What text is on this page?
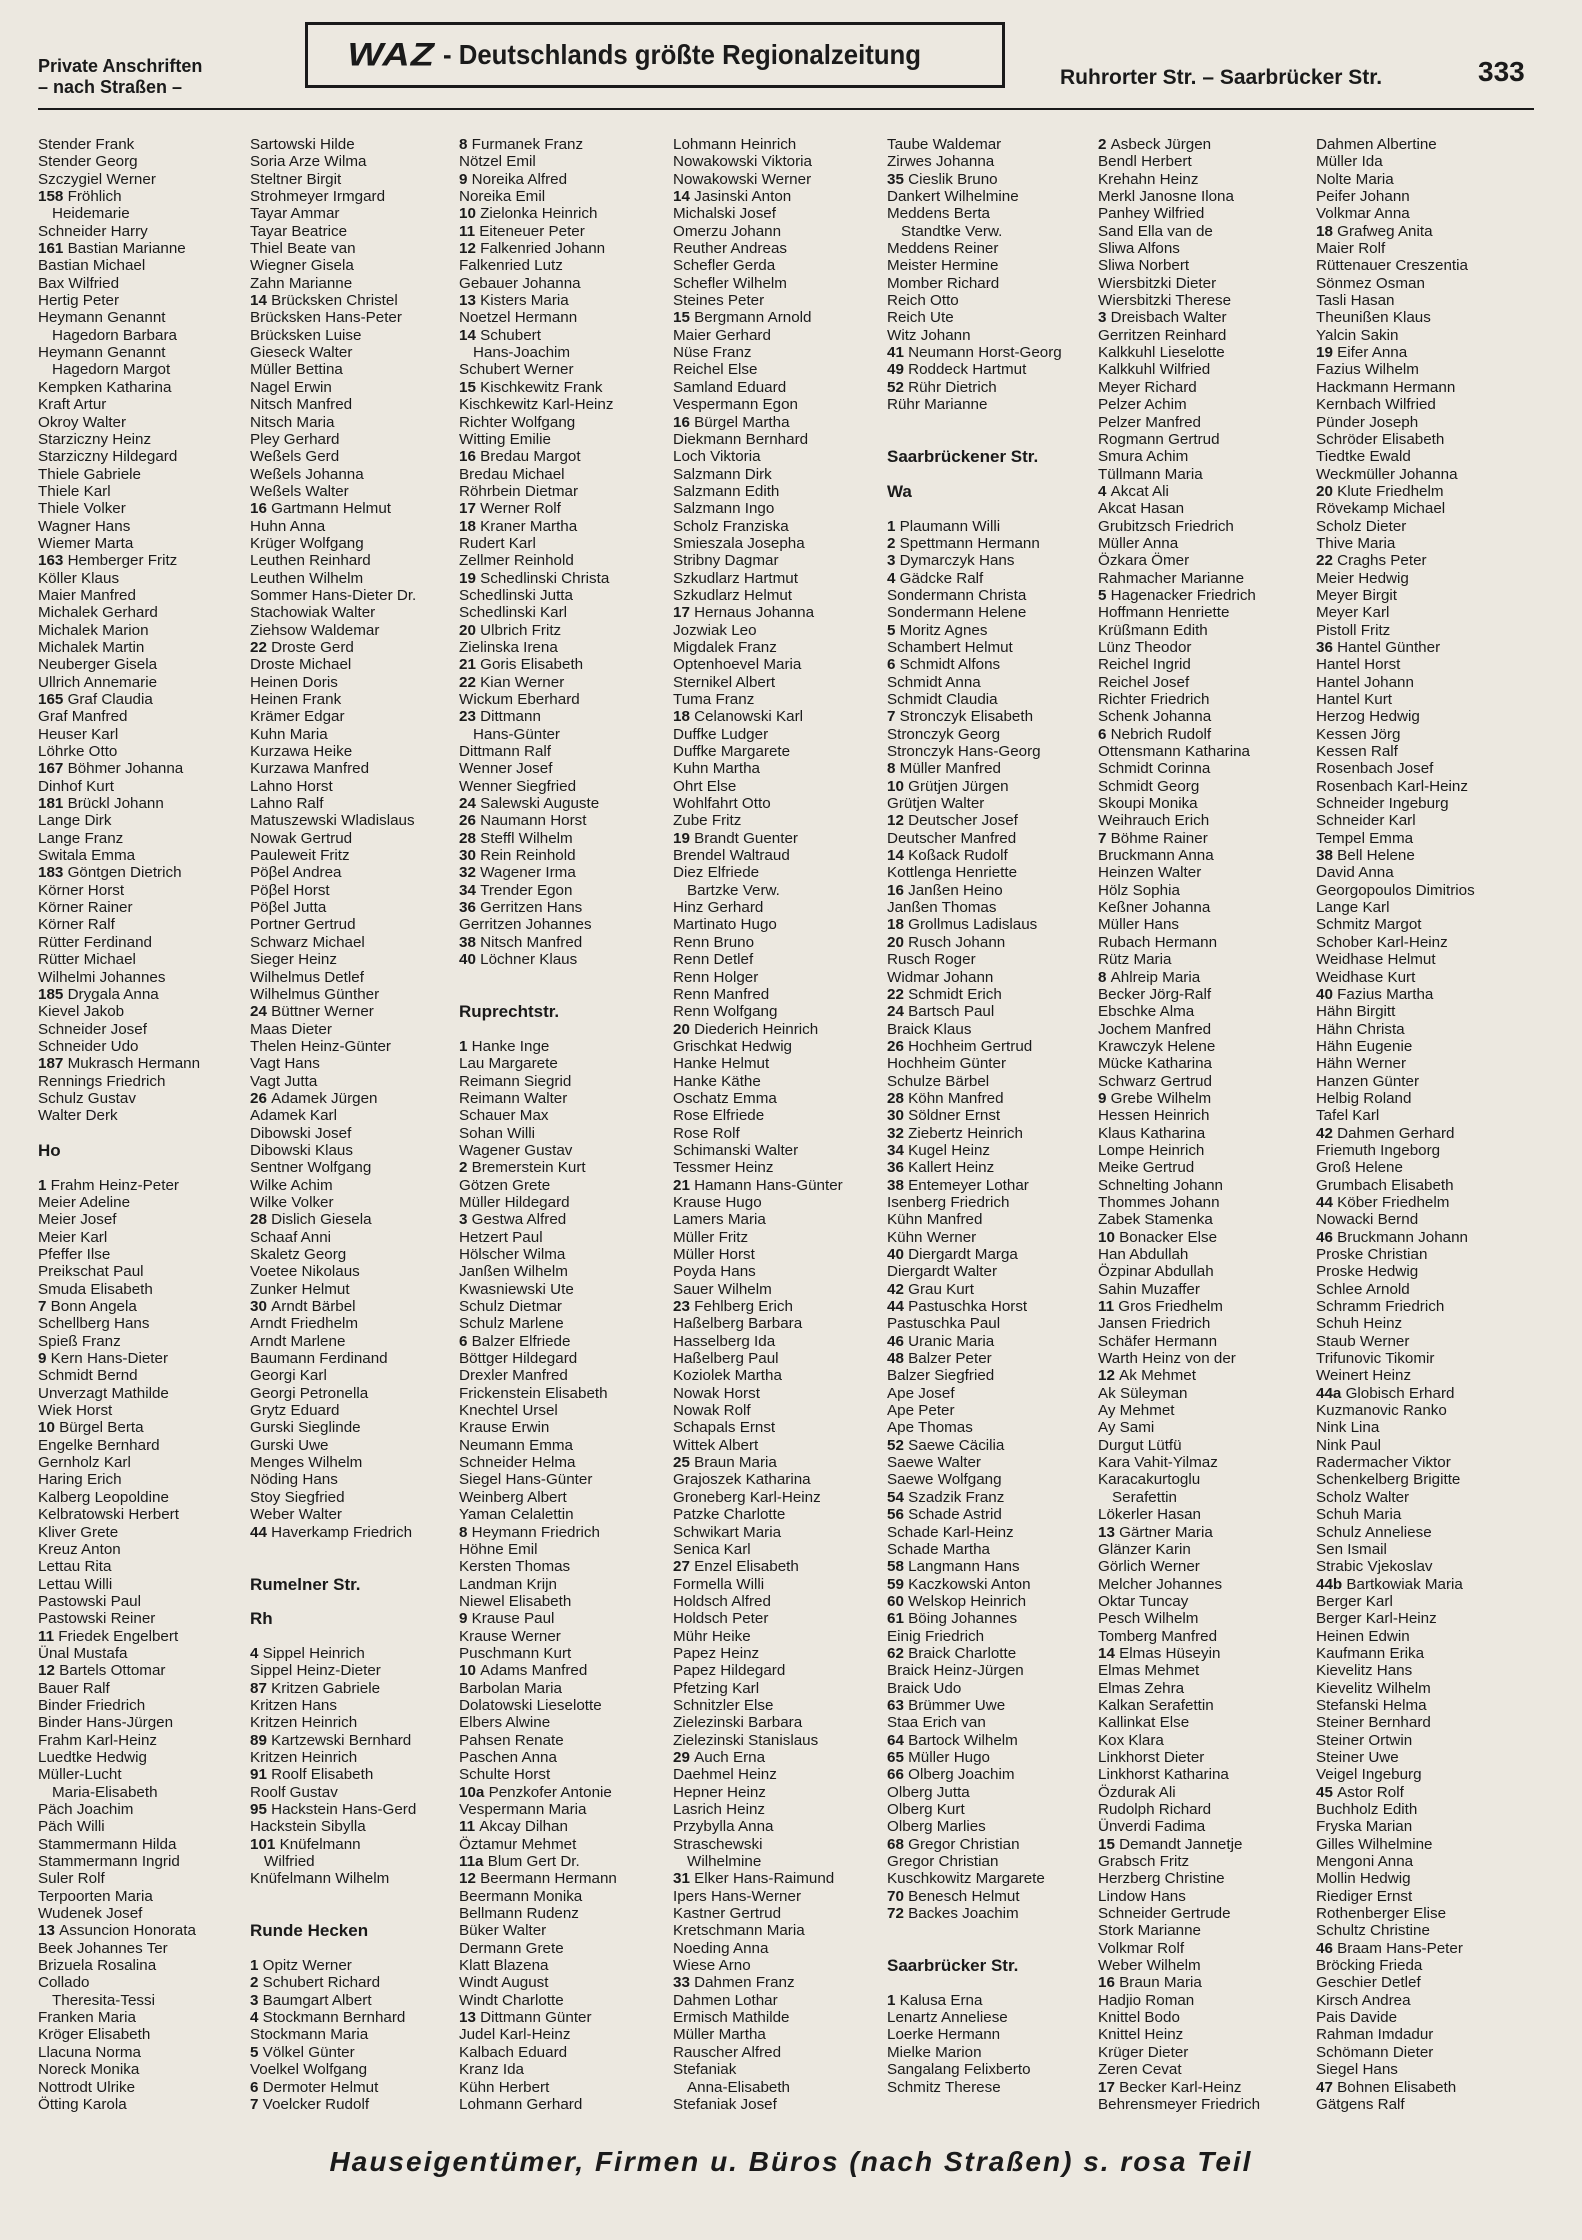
Private Anschriften
– nach Straßen –
WAZ - Deutschlands größte Regionalzeitung
Ruhrorter Str. – Saarbrücker Str.	333
Stender Frank
Stender Georg
Szczygiel Werner
158 Fröhlich
Heidemarie
Schneider Harry
161 Bastian Marianne
Bastian Michael
Bax Wilfried
Hertig Peter
Heymann Genannt
Hagedorn Barbara
Heymann Genannt
Hagedorn Margot
Kempken Katharina
Kraft Artur
Okroy Walter
Starziczny Heinz
Starziczny Hildegard
Thiele Gabriele
Thiele Karl
Thiele Volker
Wagner Hans
Wiemer Marta
163 Hemberger Fritz
Köller Klaus
Maier Manfred
Michalek Gerhard
Michalek Marion
Michalek Martin
Neuberger Gisela
Ullrich Annemarie
165 Graf Claudia
Graf Manfred
Heuser Karl
Löhrke Otto
167 Böhmer Johanna
Dinhof Kurt
181 Brückl Johann
Lange Dirk
Lange Franz
Switala Emma
183 Göntgen Dietrich
Körner Horst
Körner Rainer
Körner Ralf
Rütter Ferdinand
Rütter Michael
Wilhelmi Johannes
185 Drygala Anna
Kievel Jakob
Schneider Josef
Schneider Udo
187 Mukrasch Hermann
Rennings Friedrich
Schulz Gustav
Walter Derk

Ho

1 Frahm Heinz-Peter
Meier Adeline
Meier Josef
Meier Karl
Pfeffer Ilse
Preikschat Paul
Smuda Elisabeth
7 Bonn Angela
Schellberg Hans
Spieß Franz
9 Kern Hans-Dieter
Schmidt Bernd
Unverzagt Mathilde
Wiek Horst
10 Bürgel Berta
Engelke Bernhard
Gernholz Karl
Haring Erich
Kalberg Leopoldine
Kelbratowski Herbert
Kliver Grete
Kreuz Anton
Lettau Rita
Lettau Willi
Pastowski Paul
Pastowski Reiner
11 Friedek Engelbert
Ünal Mustafa
12 Bartels Ottomar
Bauer Ralf
Binder Friedrich
Binder Hans-Jürgen
Frahm Karl-Heinz
Luedtke Hedwig
Müller-Lucht
Maria-Elisabeth
Päch Joachim
Päch Willi
Stammermann Hilda
Stammermann Ingrid
Suler Rolf
Terpoorten Maria
Wudenek Josef
13 Assuncion Honorata
Beek Johannes Ter
Brizuela Rosalina
Collado
Theresita-Tessi
Franken Maria
Kröger Elisabeth
Llacuna Norma
Noreck Monika
Nottrodt Ulrike
Ötting Karola
Sartowski Hilde
Soria Arze Wilma
Steltner Birgit
Strohmeyer Irmgard
Tayar Ammar
Tayar Beatrice
Thiel Beate van
Wiegner Gisela
Zahn Marianne
14 Brücksken Christel
Brücksken Hans-Peter
Brücksken Luise
Gieseck Walter
Müller Bettina
Nagel Erwin
Nitsch Manfred
Nitsch Maria
Pley Gerhard
Weßels Gerd
Weßels Johanna
Weßels Walter
16 Gartmann Helmut
Huhn Anna
Krüger Wolfgang
Leuthen Reinhard
Leuthen Wilhelm
Sommer Hans-Dieter Dr.
Stachowiak Walter
Ziehsow Waldemar
22 Droste Gerd
Droste Michael
Heinen Doris
Heinen Frank
Krämer Edgar
Kuhn Maria
Kurzawa Heike
Kurzawa Manfred
Lahno Horst
Lahno Ralf
Matuszewski Wladislaus
Nowak Gertrud
Pauleweit Fritz
Pöβel Andrea
Pöβel Horst
Pöβel Jutta
Portner Gertrud
Schwarz Michael
Sieger Heinz
Wilhelmus Detlef
Wilhelmus Günther
24 Büttner Werner
Maas Dieter
Thelen Heinz-Günter
Vagt Hans
Vagt Jutta
26 Adamek Jürgen
Adamek Karl
Dibowski Josef
Dibowski Klaus
Sentner Wolfgang
Wilke Achim
Wilke Volker
28 Dislich Giesela
Schaaf Anni
Skaletz Georg
Voetee Nikolaus
Zunker Helmut
30 Arndt Bärbel
Arndt Friedhelm
Arndt Marlene
Baumann Ferdinand
Georgi Karl
Georgi Petronella
Grytz Eduard
Gurski Sieglinde
Gurski Uwe
Menges Wilhelm
Nöding Hans
Stoy Siegfried
Weber Walter
44 Haverkamp Friedrich

Rumelner Str.

Rh

4 Sippel Heinrich
Sippel Heinz-Dieter
87 Kritzen Gabriele
Kritzen Hans
Kritzen Heinrich
89 Kartzewski Bernhard
Kritzen Heinrich
91 Roolf Elisabeth
Roolf Gustav
95 Hackstein Hans-Gerd
Hackstein Sibylla
101 Knüfelmann
Wilfried
Knüfelmann Wilhelm

Runde Hecken

1 Opitz Werner
2 Schubert Richard
3 Baumgart Albert
4 Stockmann Bernhard
Stockmann Maria
5 Völkel Günter
Voelkel Wolfgang
6 Dermoter Helmut
7 Voelcker Rudolf
8 Furmanek Franz
Nötzel Emil
9 Noreika Alfred
Noreika Emil
10 Zielonka Heinrich
11 Eiteneuer Peter
12 Falkenried Johann
Falkenried Lutz
Gebauer Johanna
13 Kisters Maria
Noetzel Hermann
14 Schubert
Hans-Joachim
Schubert Werner
15 Kischkewitz Frank
Kischkewitz Karl-Heinz
Richter Wolfgang
Witting Emilie
16 Bredau Margot
Bredau Michael
Röhrbein Dietmar
17 Werner Rolf
18 Kraner Martha
Rudert Karl
Zellmer Reinhold
19 Schedlinski Christa
Schedlinski Jutta
Schedlinski Karl
20 Ulbrich Fritz
Zielinska Irena
21 Goris Elisabeth
22 Kian Werner
Wickum Eberhard
23 Dittmann
Hans-Günter
Dittmann Ralf
Wenner Josef
Wenner Siegfried
24 Salewski Auguste
26 Naumann Horst
28 Steffl Wilhelm
30 Rein Reinhold
32 Wagener Irma
34 Trender Egon
36 Gerritzen Hans
Gerritzen Johannes
38 Nitsch Manfred
40 Löchner Klaus

Ruprechtstr.

1 Hanke Inge
Lau Margarete
Reimann Siegrid
Reimann Walter
Schauer Max
Sohan Willi
Wagener Gustav
2 Bremerstein Kurt
Götzen Grete
Müller Hildegard
3 Gestwa Alfred
Hetzert Paul
Hölscher Wilma
Janßen Wilhelm
Kwasniewski Ute
Schulz Dietmar
Schulz Marlene
6 Balzer Elfriede
Böttger Hildegard
Drexler Manfred
Frickenstein Elisabeth
Knechtel Ursel
Krause Erwin
Neumann Emma
Schneider Helma
Siegel Hans-Günter
Weinberg Albert
Yaman Celalettin
8 Heymann Friedrich
Höhne Emil
Kersten Thomas
Landman Krijn
Niewel Elisabeth
9 Krause Paul
Krause Werner
Puschmann Kurt
10 Adams Manfred
Barbolan Maria
Dolatowski Lieselotte
Elbers Alwine
Pahsen Renate
Paschen Anna
Schulte Horst
10a Penzkofer Antonie
Vespermann Maria
11 Akcay Dilhan
Öztamur Mehmet
11a Blum Gert Dr.
12 Beermann Hermann
Beermann Monika
Bellmann Rudenz
Büker Walter
Dermann Grete
Klatt Blazena
Windt August
Windt Charlotte
13 Dittmann Günter
Judel Karl-Heinz
Kalbach Eduard
Kranz Ida
Kühn Herbert
Lohmann Gerhard
Lohmann Heinrich
Nowakowski Viktoria
Nowakowski Werner
14 Jasinski Anton
Michalski Josef
Omerzu Johann
Reuther Andreas
Schefler Gerda
Schefler Wilhelm
Steines Peter
15 Bergmann Arnold
Maier Gerhard
Nüse Franz
Reichel Else
Samland Eduard
Vespermann Egon
16 Bürgel Martha
Diekmann Bernhard
Loch Viktoria
Salzmann Dirk
Salzmann Edith
Salzmann Ingo
Scholz Franziska
Smieszala Josepha
Stribny Dagmar
Szkudlarz Hartmut
Szkudlarz Helmut
17 Hernaus Johanna
Jozwiak Leo
Migdalek Franz
Optenhoevel Maria
Sternikel Albert
Tuma Franz
18 Celanowski Karl
Duffke Ludger
Duffke Margarete
Kuhn Martha
Ohrt Else
Wohlfahrt Otto
Zube Fritz
19 Brandt Guenter
Brendel Waltraud
Diez Elfriede
Bartzke Verw.
Hinz Gerhard
Martinato Hugo
Renn Bruno
Renn Detlef
Renn Holger
Renn Manfred
Renn Wolfgang
20 Diederich Heinrich
Grischkat Hedwig
Hanke Helmut
Hanke Käthe
Oschatz Emma
Rose Elfriede
Rose Rolf
Schimanski Walter
Tessmer Heinz
21 Hamann Hans-Günter
Krause Hugo
Lamers Maria
Müller Fritz
Müller Horst
Poyda Hans
Sauer Wilhelm
23 Fehlberg Erich
Haßelberg Barbara
Hasselberg Ida
Haßelberg Paul
Koziolek Martha
Nowak Horst
Nowak Rolf
Schapals Ernst
Wittek Albert
25 Braun Maria
Grajoszek Katharina
Groneberg Karl-Heinz
Patzke Charlotte
Schwikart Maria
Senica Karl
27 Enzel Elisabeth
Formella Willi
Holdsch Alfred
Holdsch Peter
Mühr Heike
Papez Heinz
Papez Hildegard
Pfetzing Karl
Schnitzler Else
Zielezinski Barbara
Zielezinski Stanislaus
29 Auch Erna
Daehmel Heinz
Hepner Heinz
Lasrich Heinz
Przybylla Anna
Straschewski
Wilhelmine
31 Elker Hans-Raimund
Ipers Hans-Werner
Kastner Gertrud
Kretschmann Maria
Noeding Anna
Wiese Arno
33 Dahmen Franz
Dahmen Lothar
Ermisch Mathilde
Müller Martha
Rauscher Alfred
Stefaniak
Anna-Elisabeth
Stefaniak Josef
Taube Waldemar
Zirwes Johanna
35 Cieslik Bruno
Dankert Wilhelmine
Meddens Berta
Standtke Verw.
Meddens Reiner
Meister Hermine
Momber Richard
Reich Otto
Reich Ute
Witz Johann
41 Neumann Horst-Georg
49 Roddeck Hartmut
52 Rühr Dietrich
Rühr Marianne

Saarbrückener Str.

Wa

1 Plaumann Willi
2 Spettmann Hermann
3 Dymarczyk Hans
4 Gädcke Ralf
Sondermann Christa
Sondermann Helene
5 Moritz Agnes
Schambert Helmut
6 Schmidt Alfons
Schmidt Anna
Schmidt Claudia
7 Stronczyk Elisabeth
Stronczyk Georg
Stronczyk Hans-Georg
8 Müller Manfred
10 Grütjen Jürgen
Grütjen Walter
12 Deutscher Josef
Deutscher Manfred
14 Koßack Rudolf
Kottlenga Henriette
16 Janßen Heino
Janßen Thomas
18 Grollmus Ladislaus
20 Rusch Johann
Rusch Roger
Widmar Johann
22 Schmidt Erich
24 Bartsch Paul
Braick Klaus
26 Hochheim Gertrud
Hochheim Günter
Schulze Bärbel
28 Köhn Manfred
30 Söldner Ernst
32 Ziebertz Heinrich
34 Kugel Heinz
36 Kallert Heinz
38 Entemeyer Lothar
Isenberg Friedrich
Kühn Manfred
Kühn Werner
40 Diergardt Marga
Diergardt Walter
42 Grau Kurt
44 Pastuschka Horst
Pastuschka Paul
46 Uranic Maria
48 Balzer Peter
Balzer Siegfried
Ape Josef
Ape Peter
Ape Thomas
52 Saewe Cäcilia
Saewe Walter
Saewe Wolfgang
54 Szadzik Franz
56 Schade Astrid
Schade Karl-Heinz
Schade Martha
58 Langmann Hans
59 Kaczkowski Anton
60 Welskop Heinrich
61 Böing Johannes
Einig Friedrich
62 Braick Charlotte
Braick Heinz-Jürgen
Braick Udo
63 Brümmer Uwe
Staa Erich van
64 Bartock Wilhelm
65 Müller Hugo
66 Olberg Joachim
Olberg Jutta
Olberg Kurt
Olberg Marlies
68 Gregor Christian
Gregor Christian
Kuschkowitz Margarete
70 Benesch Helmut
72 Backes Joachim

Saarbrücker Str.

1 Kalusa Erna
Lenartz Anneliese
Loerke Hermann
Mielke Marion
Sangalang Felixberto
Schmitz Therese
2 Asbeck Jürgen
Bendl Herbert
Krehahn Heinz
Merkl Janosne Ilona
Panhey Wilfried
Sand Ella van de
Sliwa Alfons
Sliwa Norbert
Wiersbitzki Dieter
Wiersbitzki Therese
3 Dreisbach Walter
Gerritzen Reinhard
Kalkkuhl Lieselotte
Kalkkuhl Wilfried
Meyer Richard
Pelzer Achim
Pelzer Manfred
Rogmann Gertrud
Smura Achim
Tüllmann Maria
4 Akcat Ali
Akcat Hasan
Grubitzsch Friedrich
Müller Anna
Özkara Ömer
Rahmacher Marianne
5 Hagenacker Friedrich
Hoffmann Henriette
Krüßmann Edith
Lünz Theodor
Reichel Ingrid
Reichel Josef
Richter Friedrich
Schenk Johanna
6 Nebrich Rudolf
Ottensmann Katharina
Schmidt Corinna
Schmidt Georg
Skoupi Monika
Weihrauch Erich
7 Böhme Rainer
Bruckmann Anna
Heinzen Walter
Hölz Sophia
Keßner Johanna
Müller Hans
Rubach Hermann
Rütz Maria
8 Ahlreip Maria
Becker Jörg-Ralf
Ebschke Alma
Jochem Manfred
Krawczyk Helene
Mücke Katharina
Schwarz Gertrud
9 Grebe Wilhelm
Hessen Heinrich
Klaus Katharina
Lompe Heinrich
Meike Gertrud
Schnelting Johann
Thommes Johann
Zabek Stamenka
10 Bonacker Else
Han Abdullah
Özpinar Abdullah
Sahin Muzaffer
11 Gros Friedhelm
Jansen Friedrich
Schäfer Hermann
Warth Heinz von der
12 Ak Mehmet
Ak Süleyman
Ay Mehmet
Ay Sami
Durgut Lütfü
Kara Vahit-Yilmaz
Karacakurtoglu
Serafettin
Lökerler Hasan
13 Gärtner Maria
Glänzer Karin
Görlich Werner
Melcher Johannes
Oktar Tuncay
Pesch Wilhelm
Tomberg Manfred
14 Elmas Hüseyin
Elmas Mehmet
Elmas Zehra
Kalkan Serafettin
Kallinkat Else
Kox Klara
Linkhorst Dieter
Linkhorst Katharina
Özdurak Ali
Rudolph Richard
Ünverdi Fadima
15 Demandt Jannetje
Grabsch Fritz
Herzberg Christine
Lindow Hans
Schneider Gertrude
Stork Marianne
Volkmar Rolf
Weber Wilhelm
16 Braun Maria
Hadjio Roman
Knittel Bodo
Knittel Heinz
Krüger Dieter
Zeren Cevat
17 Becker Karl-Heinz
Behrensmeyer Friedrich
Dahmen Albertine
Müller Ida
Nolte Maria
Peifer Johann
Volkmar Anna
18 Grafweg Anita
Maier Rolf
Rüttenauer Creszentia
Sönmez Osman
Tasli Hasan
Theunißen Klaus
Yalcin Sakin
19 Eifer Anna
Fazius Wilhelm
Hackmann Hermann
Kernbach Wilfried
Pünder Joseph
Schröder Elisabeth
Tiedtke Ewald
Weckmüller Johanna
20 Klute Friedhelm
Rövekamp Michael
Scholz Dieter
Thive Maria
22 Craghs Peter
Meier Hedwig
Meyer Birgit
Meyer Karl
Pistoll Fritz
36 Hantel Günther
Hantel Horst
Hantel Johann
Hantel Kurt
Herzog Hedwig
Kessen Jörg
Kessen Ralf
Rosenbach Josef
Rosenbach Karl-Heinz
Schneider Ingeburg
Schneider Karl
Tempel Emma
38 Bell Helene
David Anna
Georgopoulos Dimitrios
Lange Karl
Schmitz Margot
Schober Karl-Heinz
Weidhase Helmut
Weidhase Kurt
40 Fazius Martha
Hähn Birgitt
Hähn Christa
Hähn Eugenie
Hähn Werner
Hanzen Günter
Helbig Roland
Tafel Karl
42 Dahmen Gerhard
Friemuth Ingeborg
Groß Helene
Grumbach Elisabeth
44 Köber Friedhelm
Nowacki Bernd
46 Bruckmann Johann
Proske Christian
Proske Hedwig
Schlee Arnold
Schramm Friedrich
Schuh Heinz
Staub Werner
Trifunovic Tikomir
Weinert Heinz
44a Globisch Erhard
Kuzmanovic Ranko
Nink Lina
Nink Paul
Radermacher Viktor
Schenkelberg Brigitte
Scholz Walter
Schuh Maria
Schulz Anneliese
Sen Ismail
Strabic Vjekoslav
44b Bartkowiak Maria
Berger Karl
Berger Karl-Heinz
Heinen Edwin
Kaufmann Erika
Kievelitz Hans
Kievelitz Wilhelm
Stefanski Helma
Steiner Bernhard
Steiner Ortwin
Steiner Uwe
Veigel Ingeburg
45 Astor Rolf
Buchholz Edith
Fryska Marian
Gilles Wilhelmine
Mengoni Anna
Mollin Hedwig
Riediger Ernst
Rothenberger Elise
Schultz Christine
46 Braam Hans-Peter
Bröcking Frieda
Geschier Detlef
Kirsch Andrea
Pais Davide
Rahman Imdadur
Schömann Dieter
Siegel Hans
47 Bohnen Elisabeth
Gätgens Ralf
Hauseigentümer, Firmen u. Büros (nach Straßen) s. rosa Teil
